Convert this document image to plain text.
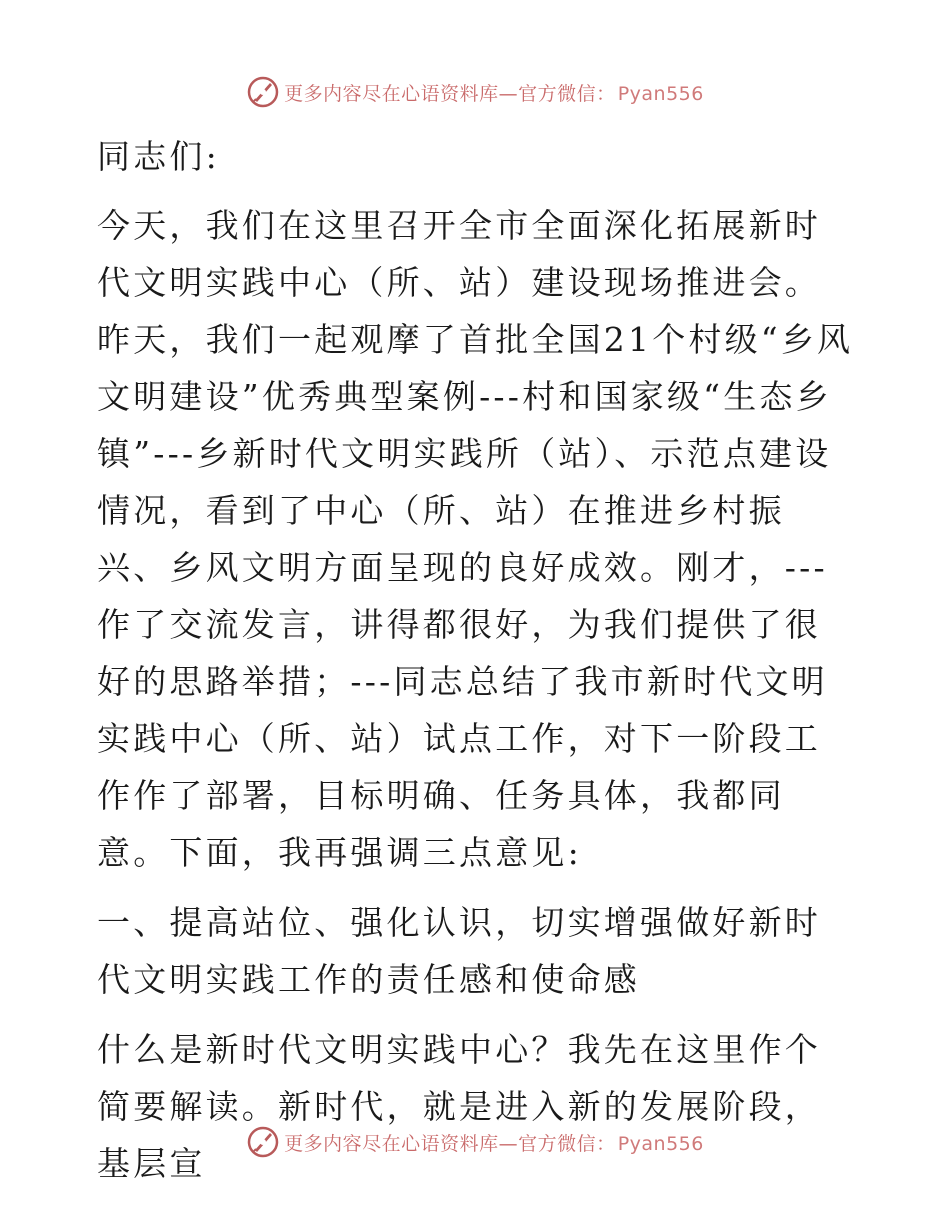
更多内容尽在心语资料库—官方微信： Pyan556

同志们:

今天，我们在这里召开全市全面深化拓展新时代文明实践中心（所、站）建设现场推进会。昨天，我们一起观摩了首批全国21个村级“乡风文明建设”优秀典型案例---村和国家级“生态乡镇”---乡新时代文明实践所（站）、示范点建设情况，看到了中心（所、站）在推进乡村振兴、乡风文明方面呈现的良好成效。刚才，---作了交流发言，讲得都很好，为我们提供了很好的思路举措；---同志总结了我市新时代文明实践中心（所、站）试点工作，对下一阶段工作作了部署，目标明确、任务具体，我都同意。下面，我再强调三点意见:

一、提高站位、强化认识，切实增强做好新时代文明实践工作的责任感和使命感

什么是新时代文明实践中心？我先在这里作个简要解读。新时代，就是进入新的发展阶段，基层宣

更多内容尽在心语资料库—官方微信： Pyan556
